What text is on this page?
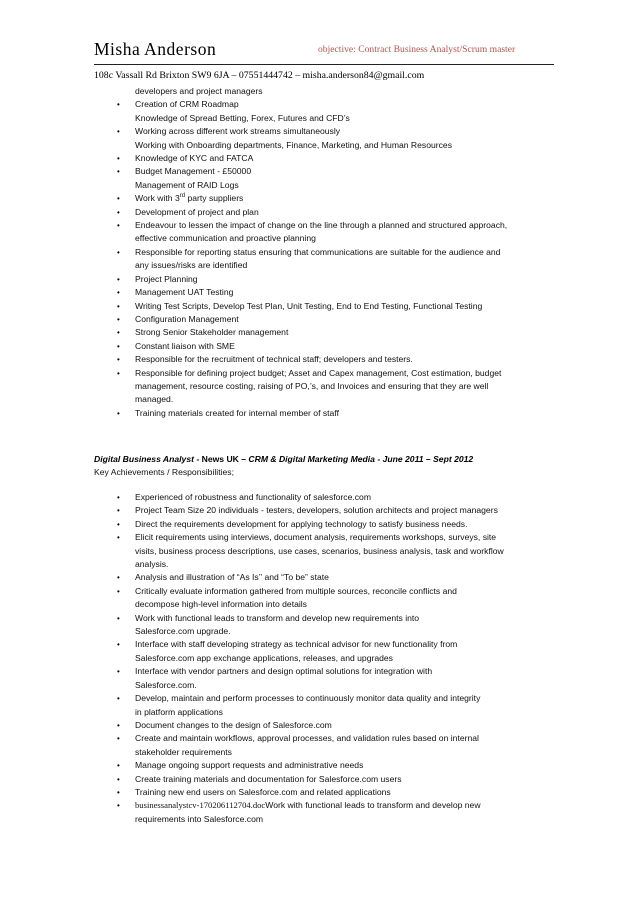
Misha Anderson	objective: Contract Business Analyst/Scrum master
108c Vassall Rd Brixton SW9 6JA – 07551444742 – misha.anderson84@gmail.com
developers and project managers
•	Creation of CRM Roadmap
Knowledge of Spread Betting, Forex, Futures and CFD’s
•	Working across different work streams simultaneously
Working with Onboarding departments, Finance, Marketing, and Human Resources
•	Knowledge of KYC and FATCA
•	Budget Management - £50000
Management of RAID Logs
•	Work with 3rd party suppliers
•	Development of project and plan
•	Endeavour to lessen the impact of change on the line through a planned and structured approach,
effective communication and proactive planning
•	Responsible for reporting status ensuring that communications are suitable for the audience and
any issues/risks are identified
•	Project Planning
•	Management UAT Testing
•	Writing Test Scripts, Develop Test Plan, Unit Testing, End to End Testing, Functional Testing
•	Configuration Management
•	Strong Senior Stakeholder management
•	Constant liaison with SME
•	Responsible for the recruitment of technical staff; developers and testers.
•	Responsible for defining project budget; Asset and Capex management, Cost estimation, budget
management, resource costing, raising of PO,’s, and Invoices and ensuring that they are well
managed.
•	Training materials created for internal member of staff
Digital Business Analyst - News UK – CRM & Digital Marketing Media - June 2011 – Sept 2012
Key Achievements / Responsibilities;
•	Experienced of robustness and functionality of salesforce.com
•	Project Team Size 20 individuals - testers, developers, solution architects and project managers
•	Direct the requirements development for applying technology to satisfy business needs.
•	Elicit requirements using interviews, document analysis, requirements workshops, surveys, site
visits, business process descriptions, use cases, scenarios, business analysis, task and workflow
analysis.
•	Analysis and illustration of “As Is’’ and “To be” state
•	Critically evaluate information gathered from multiple sources, reconcile conflicts and
decompose high-level information into details
•	Work with functional leads to transform and develop new requirements into
Salesforce.com upgrade.
•	Interface with staff developing strategy as technical advisor for new functionality from
Salesforce.com app exchange applications, releases, and upgrades
•	Interface with vendor partners and design optimal solutions for integration with
Salesforce.com.
•	Develop, maintain and perform processes to continuously monitor data quality and integrity
in platform applications
•	Document changes to the design of Salesforce.com
•	Create and maintain workflows, approval processes, and validation rules based on internal
stakeholder requirements
•	Manage ongoing support requests and administrative needs
•	Create training materials and documentation for Salesforce.com users
•	Training new end users on Salesforce.com and related applications
•	businessanalystcv-170206112704.docWork with functional leads to transform and develop new
requirements into Salesforce.com
